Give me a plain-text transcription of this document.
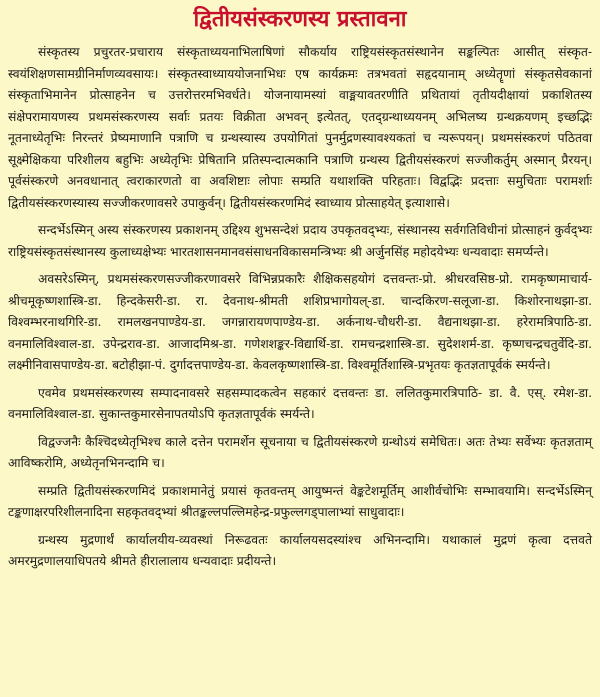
द्वितीयसंस्करणस्य प्रस्तावना

संस्कृतस्य प्रचुरतर-प्रचाराय संस्कृताध्ययनाभिलाषिणां सौकर्याय राष्ट्रियसंस्कृतसंस्थानेन सङ्कल्पितः आसीत् संस्कृत-स्वयंशिक्षणसामग्रीनिर्माणव्यवसायः। संस्कृतस्वाध्याययोजनाभिधः एष कार्यक्रमः तत्रभवतां सहृदयानाम् अध्येतॄणां संस्कृतसेवकानां संस्कृताभिमानेन प्रोत्साहनेन च उत्तरोत्तरमभिवर्धते। योजनायामस्यां वाङ्मयावतरणीति प्रथितायां तृतीयदीक्षायां प्रकाशितस्य संक्षेपरामायणस्य प्रथमसंस्करणस्य सर्वाः प्रतयः विक्रीता अभवन् इत्येतत्, एतद्ग्रन्थाध्ययनम् अभिलष्य ग्रन्थक्रयणम् इच्छद्भिः नूतनाध्येतृभिः निरन्तरं प्रेष्यमाणानि पत्राणि च ग्रन्थस्यास्य उपयोगितां पुनर्मुद्रणस्यावश्यकतां च न्यरूपयन्। प्रथमसंस्करणं पठितवा सूक्ष्मेक्षिकया परिशीलय बहुभिः अध्येतृभिः प्रेषितानि प्रतिस्पन्दात्मकानि पत्राणि ग्रन्थस्य द्वितीयसंस्करणं सज्जीकर्तुम् अस्मान् प्रैरयन्। पूर्वसंस्करणे अनवधानात् त्वराकारणतो वा अवशिष्टाः लोपाः सम्प्रति यथाशक्ति परिहताः। विद्वद्भिः प्रदत्ताः समुचिताः परामर्शाः द्वितीयसंस्करणस्यास्य सज्जीकरणावसरे उपाकुर्वन्। द्वितीयसंस्करणमिदं स्वाध्याय प्रोत्साहयेत् इत्याशासे।

सन्दर्भेऽस्मिन् अस्य संस्करणस्य प्रकाशनम् उद्दिश्य शुभसन्देशं प्रदाय उपकृतवद्भ्यः, संस्थानस्य सर्वगतिविधीनां प्रोत्साहनं कुर्वद्भ्यः राष्ट्रियसंस्कृतसंस्थानस्य कुलाध्यक्षेभ्यः भारतशासनमानवसंसाधनविकासमन्त्रिभ्यः श्री अर्जुनसिंह महोदयेभ्यः धन्यवादाः समर्प्यन्ते।

अवसरेऽस्मिन्, प्रथमसंस्करणसज्जीकरणावसरे विभिन्नप्रकारैः शैक्षिकसहयोगं दत्तवन्तः-प्रो. श्रीधरवसिष्ठ-प्रो. रामकृष्णमाचार्य-श्रीचमूकृष्णशास्त्रि-डा. हिन्दकेसरी-डा. रा. देवनाथ-श्रीमती शशिप्रभागोयल्-डा. चान्दकिरण-सलूजा-डा. किशोरनाथझा-डा. विश्वम्भरनाथगिरि-डा. रामलखनपाण्डेय-डा. जगन्नारायणपाण्डेय-डा. अर्कनाथ-चौधरी-डा. वैद्यनाथझा-डा. हरेरामत्रिपाठि-डा. वनमालिविश्वाल-डा. उपेन्द्रराव-डा. आजादमिश्र-डा. गणेशशङ्कर-विद्यार्थि-डा. रामचन्द्रशास्त्रि-डा. सुदेशशर्म-डा. कृष्णचन्द्रचतुर्वेदि-डा. लक्ष्मीनिवासपाण्डेय-डा. बटोहीझा-पं. दुर्गादत्तपाण्डेय-डा. केवलकृष्णशास्त्रि-डा. विश्वमूर्तिशास्त्रि-प्रभृतयः कृतज्ञतापूर्वकं स्मर्यन्ते।

एवमेव प्रथमसंस्करणस्य सम्पादनावसरे सहसम्पादकत्वेन सहकारं दत्तवन्तः डा. ललितकुमारत्रिपाठि- डा. वै. एस्. रमेश-डा. वनमालिविश्वाल-डा. सुकान्तकुमारसेनापतयोऽपि कृतज्ञतापूर्वकं स्मर्यन्ते।

विद्वज्जनैः कैश्चिदध्येतृभिश्च काले दत्तेन परामर्शेन सूचनाया च द्वितीयसंस्करणे ग्रन्थोऽयं समेधितः। अतः तेभ्यः सर्वेभ्यः कृतज्ञताम् आविष्करोमि, अध्येतृनभिनन्दामि च।

सम्प्रति द्वितीयसंस्करणमिदं प्रकाशमानेतुं प्रयासं कृतवन्तम् आयुष्मन्तं वेङ्कटेशमूर्तिम् आशीर्वचोभिः सम्भावयामि। सन्दर्भेऽस्मिन् टङ्कणाक्षरपरिशीलनादिना सहकृतवद्भ्यां श्रीतङ्कल्लपल्लिमहेन्द्र-प्रफुल्लगड्पालाभ्यां साधुवादाः।

ग्रन्थस्य मुद्रणार्थं कार्यालयीय-व्यवस्थां निरूढवतः कार्यालयसदस्यांश्च अभिनन्दामि। यथाकालं मुद्रणं कृत्वा दत्तवते अमरमुद्रणालयाधिपतये श्रीमते हीरालालाय धन्यवादाः प्रदीयन्ते।
